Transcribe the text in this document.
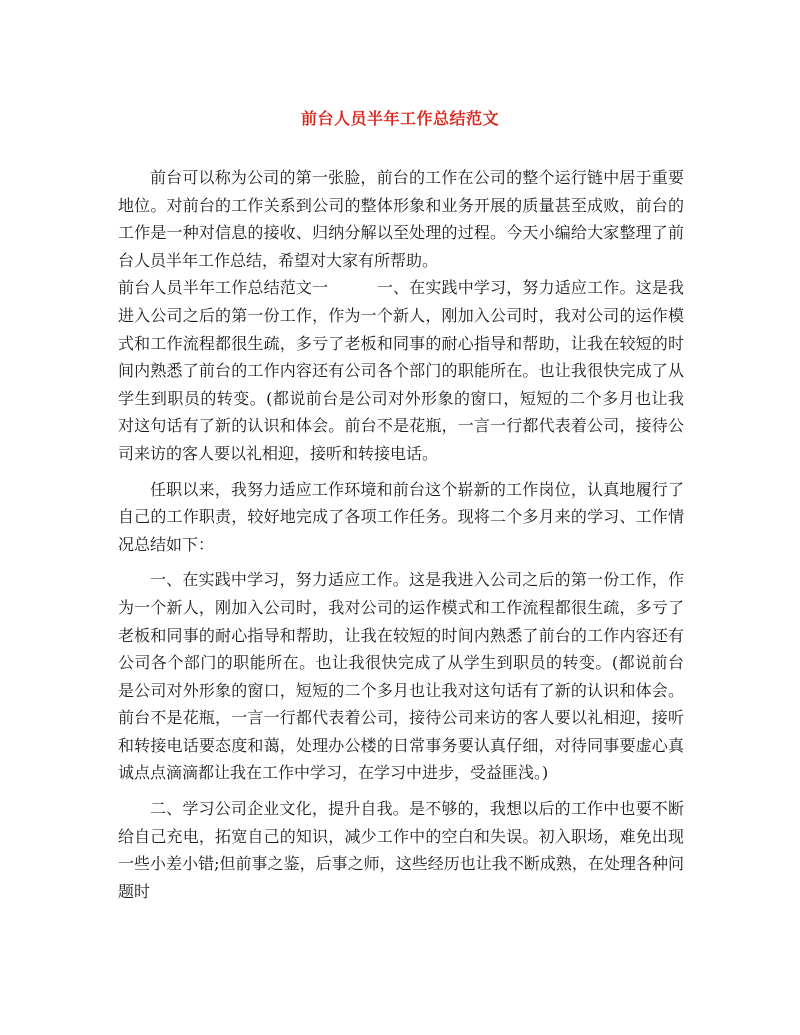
前台人员半年工作总结范文

前台可以称为公司的第一张脸，前台的工作在公司的整个运行链中居于重要地位。对前台的工作关系到公司的整体形象和业务开展的质量甚至成败，前台的工作是一种对信息的接收、归纳分解以至处理的过程。今天小编给大家整理了前台人员半年工作总结，希望对大家有所帮助。

前台人员半年工作总结范文一　　　一、在实践中学习，努力适应工作。这是我进入公司之后的第一份工作，作为一个新人，刚加入公司时，我对公司的运作模式和工作流程都很生疏，多亏了老板和同事的耐心指导和帮助，让我在较短的时间内熟悉了前台的工作内容还有公司各个部门的职能所在。也让我很快完成了从学生到职员的转变。(都说前台是公司对外形象的窗口，短短的二个多月也让我对这句话有了新的认识和体会。前台不是花瓶，一言一行都代表着公司，接待公司来访的客人要以礼相迎，接听和转接电话。

任职以来，我努力适应工作环境和前台这个崭新的工作岗位，认真地履行了自己的工作职责，较好地完成了各项工作任务。现将二个多月来的学习、工作情况总结如下：

一、在实践中学习，努力适应工作。这是我进入公司之后的第一份工作，作为一个新人，刚加入公司时，我对公司的运作模式和工作流程都很生疏，多亏了老板和同事的耐心指导和帮助，让我在较短的时间内熟悉了前台的工作内容还有公司各个部门的职能所在。也让我很快完成了从学生到职员的转变。(都说前台是公司对外形象的窗口，短短的二个多月也让我对这句话有了新的认识和体会。前台不是花瓶，一言一行都代表着公司，接待公司来访的客人要以礼相迎，接听和转接电话要态度和蔼，处理办公楼的日常事务要认真仔细，对待同事要虚心真诚点点滴滴都让我在工作中学习，在学习中进步，受益匪浅。)

二、学习公司企业文化，提升自我。是不够的，我想以后的工作中也要不断给自己充电，拓宽自己的知识，减少工作中的空白和失误。初入职场，难免出现一些小差小错;但前事之鉴，后事之师，这些经历也让我不断成熟，在处理各种问题时
